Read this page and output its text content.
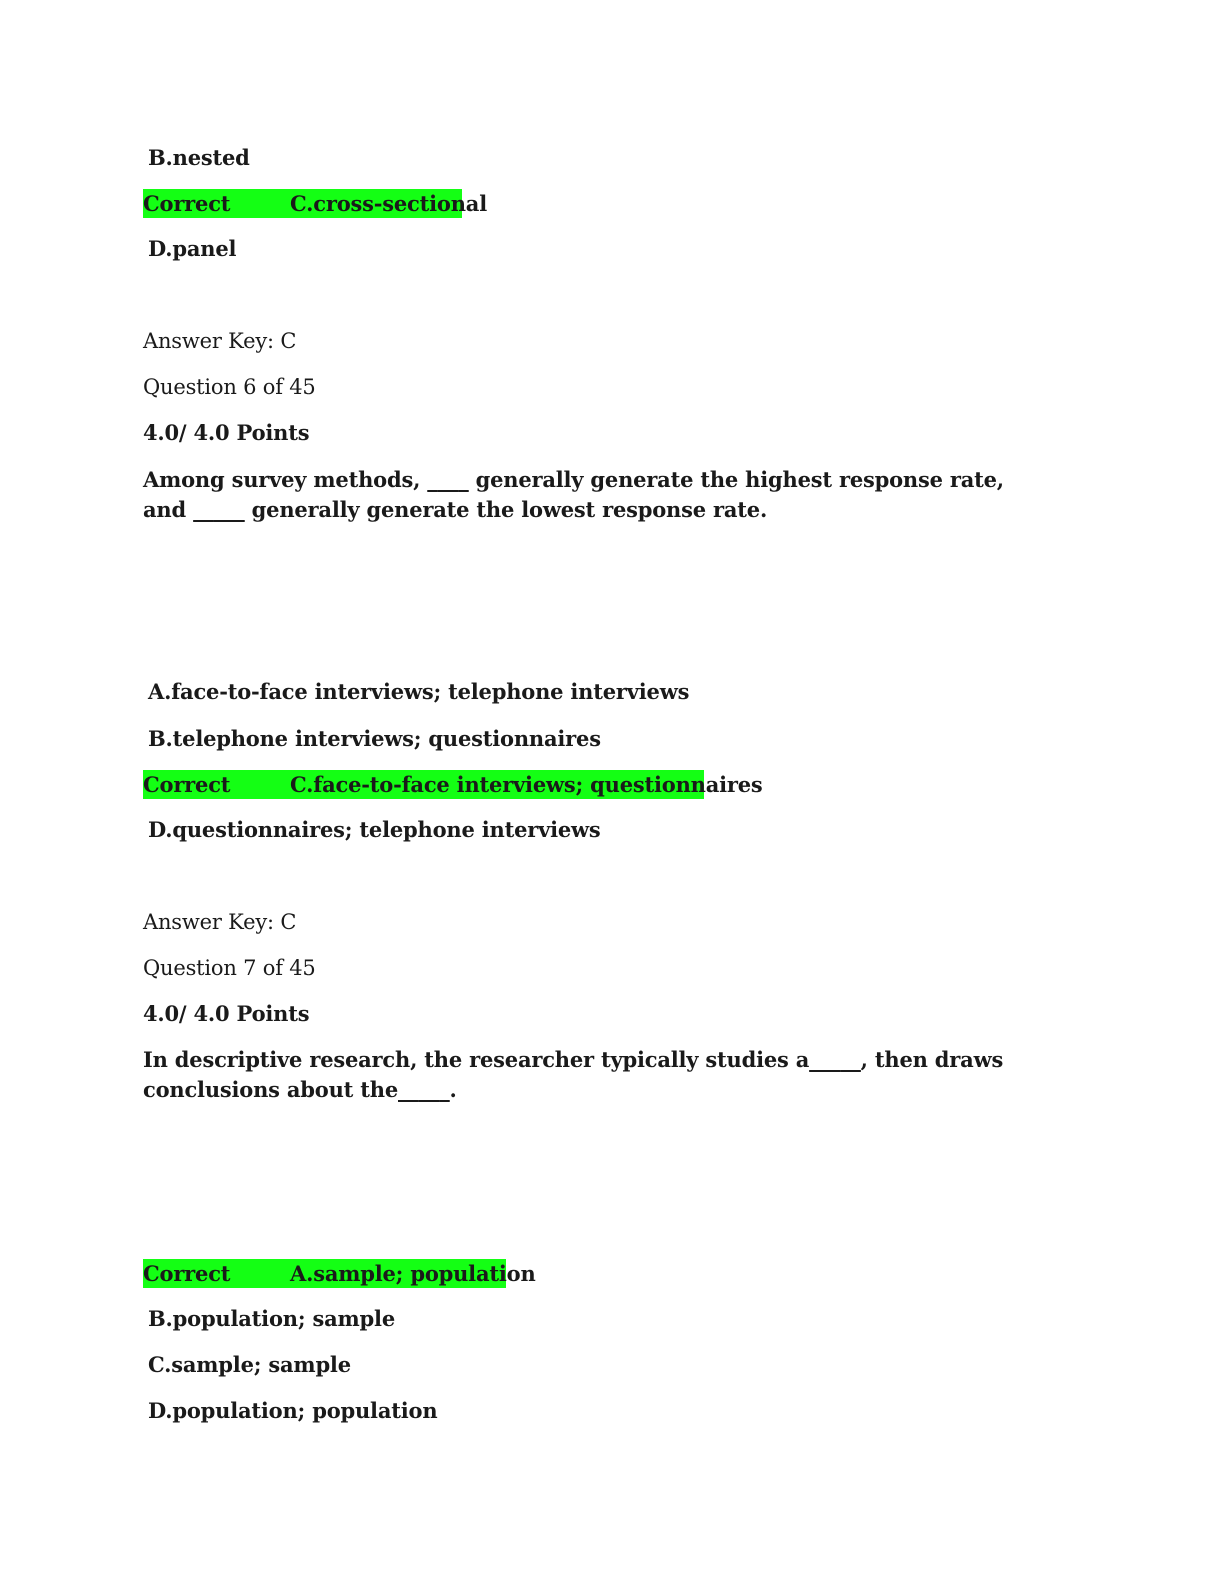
B.nested
Correct	C.cross-sectional
D.panel
Answer Key: C
Question 6 of 45
4.0/ 4.0 Points
Among survey methods, ____ generally generate the highest response rate, and _____ generally generate the lowest response rate.
A.face-to-face interviews; telephone interviews
B.telephone interviews; questionnaires
Correct	C.face-to-face interviews; questionnaires
D.questionnaires; telephone interviews
Answer Key: C
Question 7 of 45
4.0/ 4.0 Points
In descriptive research, the researcher typically studies a_____, then draws conclusions about the_____.
Correct	A.sample; population
B.population; sample
C.sample; sample
D.population; population
